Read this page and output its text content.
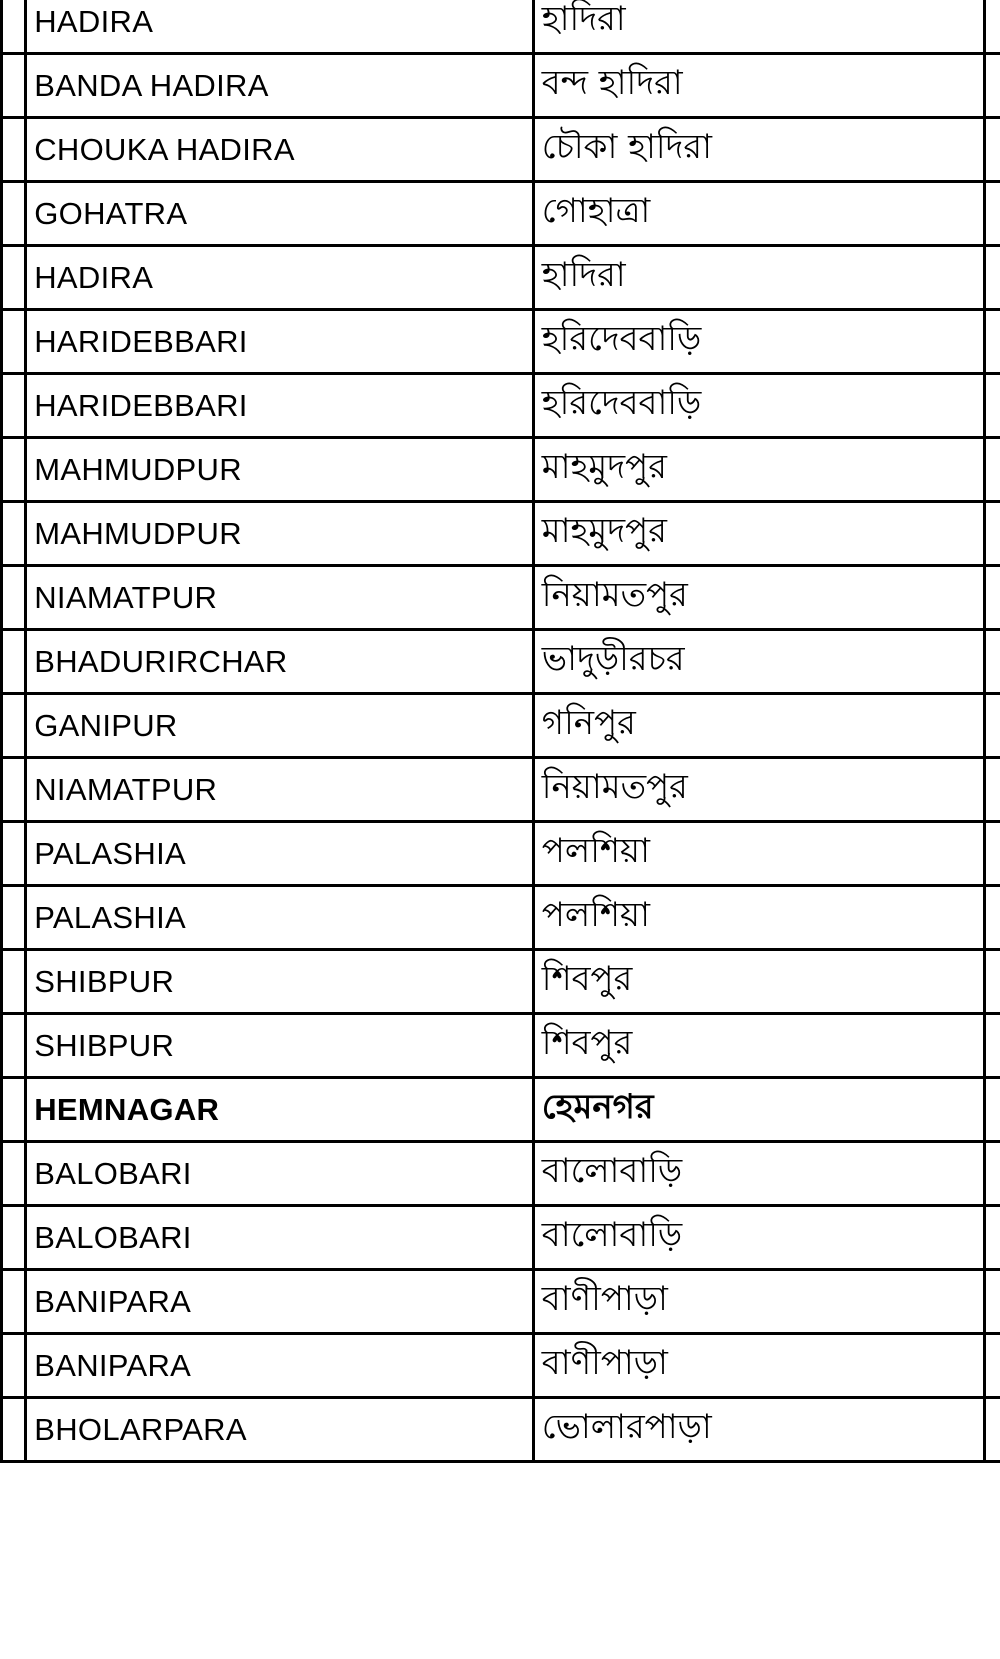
	HADIRA	হাদিরা	
	BANDA HADIRA	বন্দ হাদিরা	
	CHOUKA HADIRA	চৌকা হাদিরা	
	GOHATRA	গোহাত্রা	
	HADIRA	হাদিরা	
	HARIDEBBARI	হরিদেববাড়ি	
	HARIDEBBARI	হরিদেববাড়ি	
	MAHMUDPUR	মাহমুদপুর	
	MAHMUDPUR	মাহমুদপুর	
	NIAMATPUR	নিয়ামতপুর	
	BHADURIRCHAR	ভাদুড়ীরচর	
	GANIPUR	গনিপুর	
	NIAMATPUR	নিয়ামতপুর	
	PALASHIA	পলশিয়া	
	PALASHIA	পলশিয়া	
	SHIBPUR	শিবপুর	
	SHIBPUR	শিবপুর	
	HEMNAGAR	হেমনগর	
	BALOBARI	বালোবাড়ি	
	BALOBARI	বালোবাড়ি	
	BANIPARA	বাণীপাড়া	
	BANIPARA	বাণীপাড়া	
	BHOLARPARA	ভোলারপাড়া	
